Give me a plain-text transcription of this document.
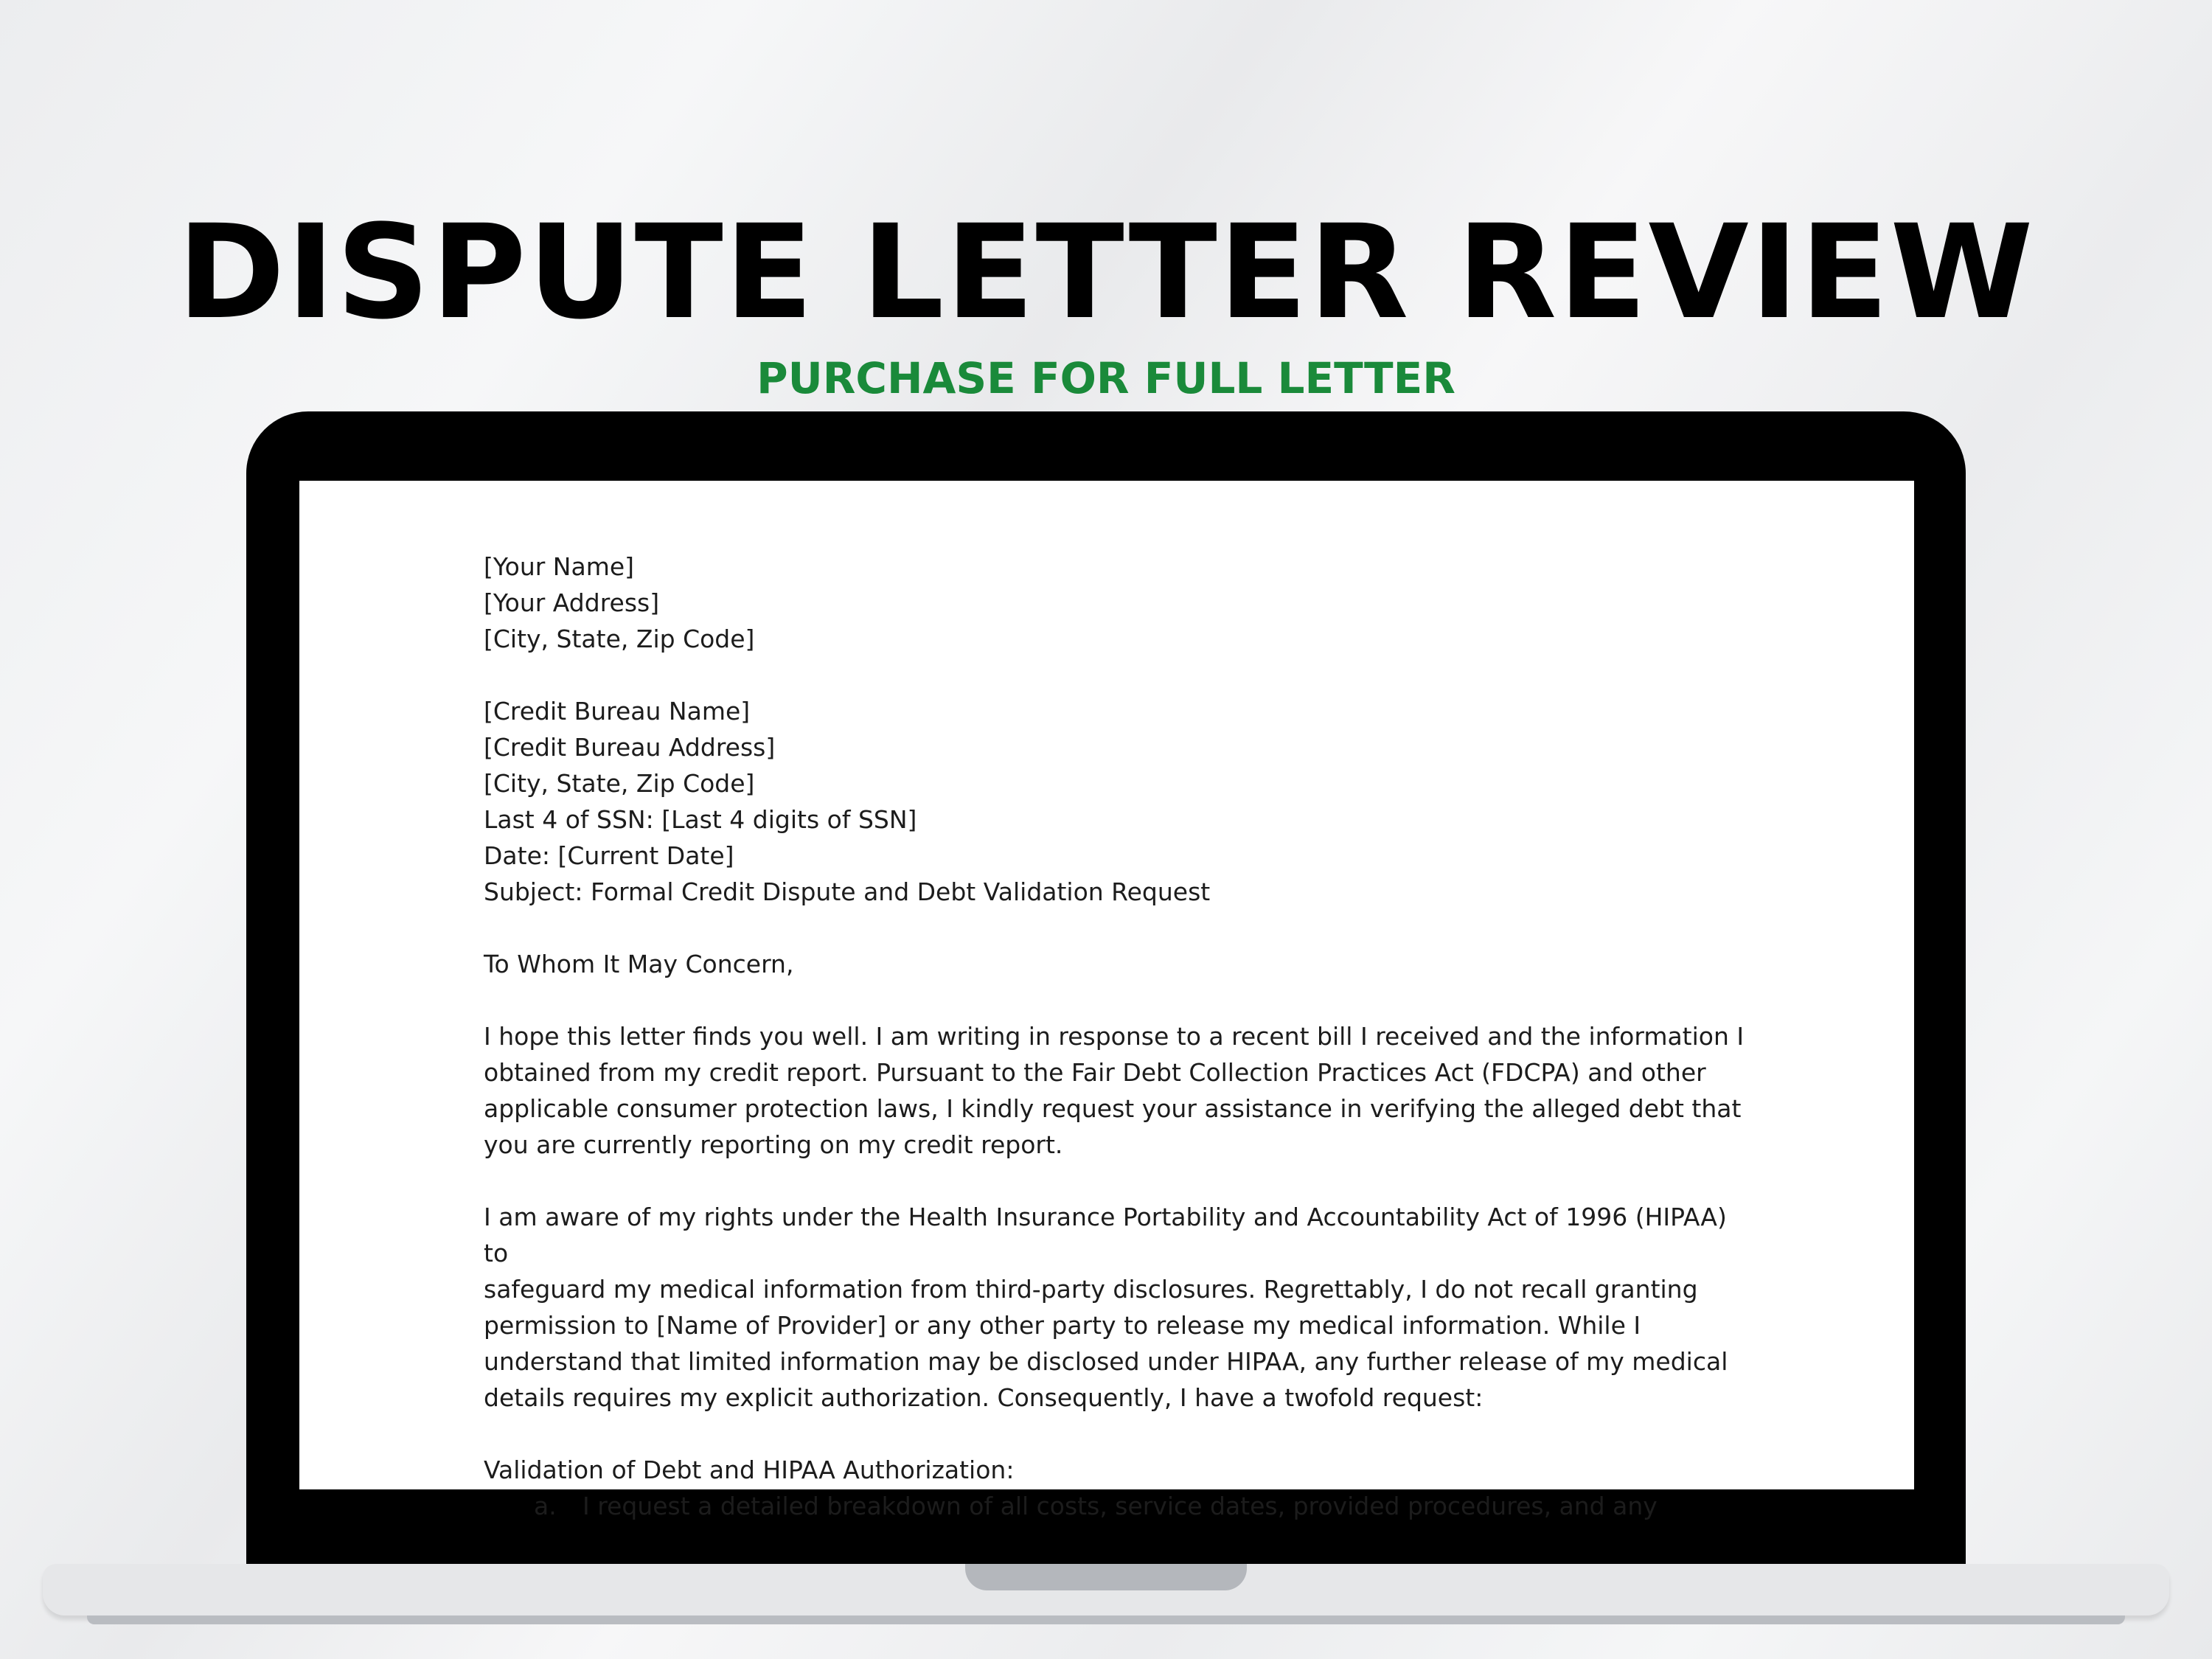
DISPUTE LETTER REVIEW
PURCHASE FOR FULL LETTER

[Your Name]

[Your Address]

[City, State, Zip Code]

[Credit Bureau Name]

[Credit Bureau Address]

[City, State, Zip Code]

Last 4 of SSN: [Last 4 digits of SSN]

Date: [Current Date]

Subject: Formal Credit Dispute and Debt Validation Request

To Whom It May Concern,

I hope this letter finds you well. I am writing in response to a recent bill I received and the information I

obtained from my credit report. Pursuant to the Fair Debt Collection Practices Act (FDCPA) and other

applicable consumer protection laws, I kindly request your assistance in verifying the alleged debt that

you are currently reporting on my credit report.

I am aware of my rights under the Health Insurance Portability and Accountability Act of 1996 (HIPAA) to

safeguard my medical information from third-party disclosures. Regrettably, I do not recall granting

permission to [Name of Provider] or any other party to release my medical information. While I

understand that limited information may be disclosed under HIPAA, any further release of my medical

details requires my explicit authorization. Consequently, I have a twofold request:

Validation of Debt and HIPAA Authorization:

a.	I request a detailed breakdown of all costs, service dates, provided procedures, and any
